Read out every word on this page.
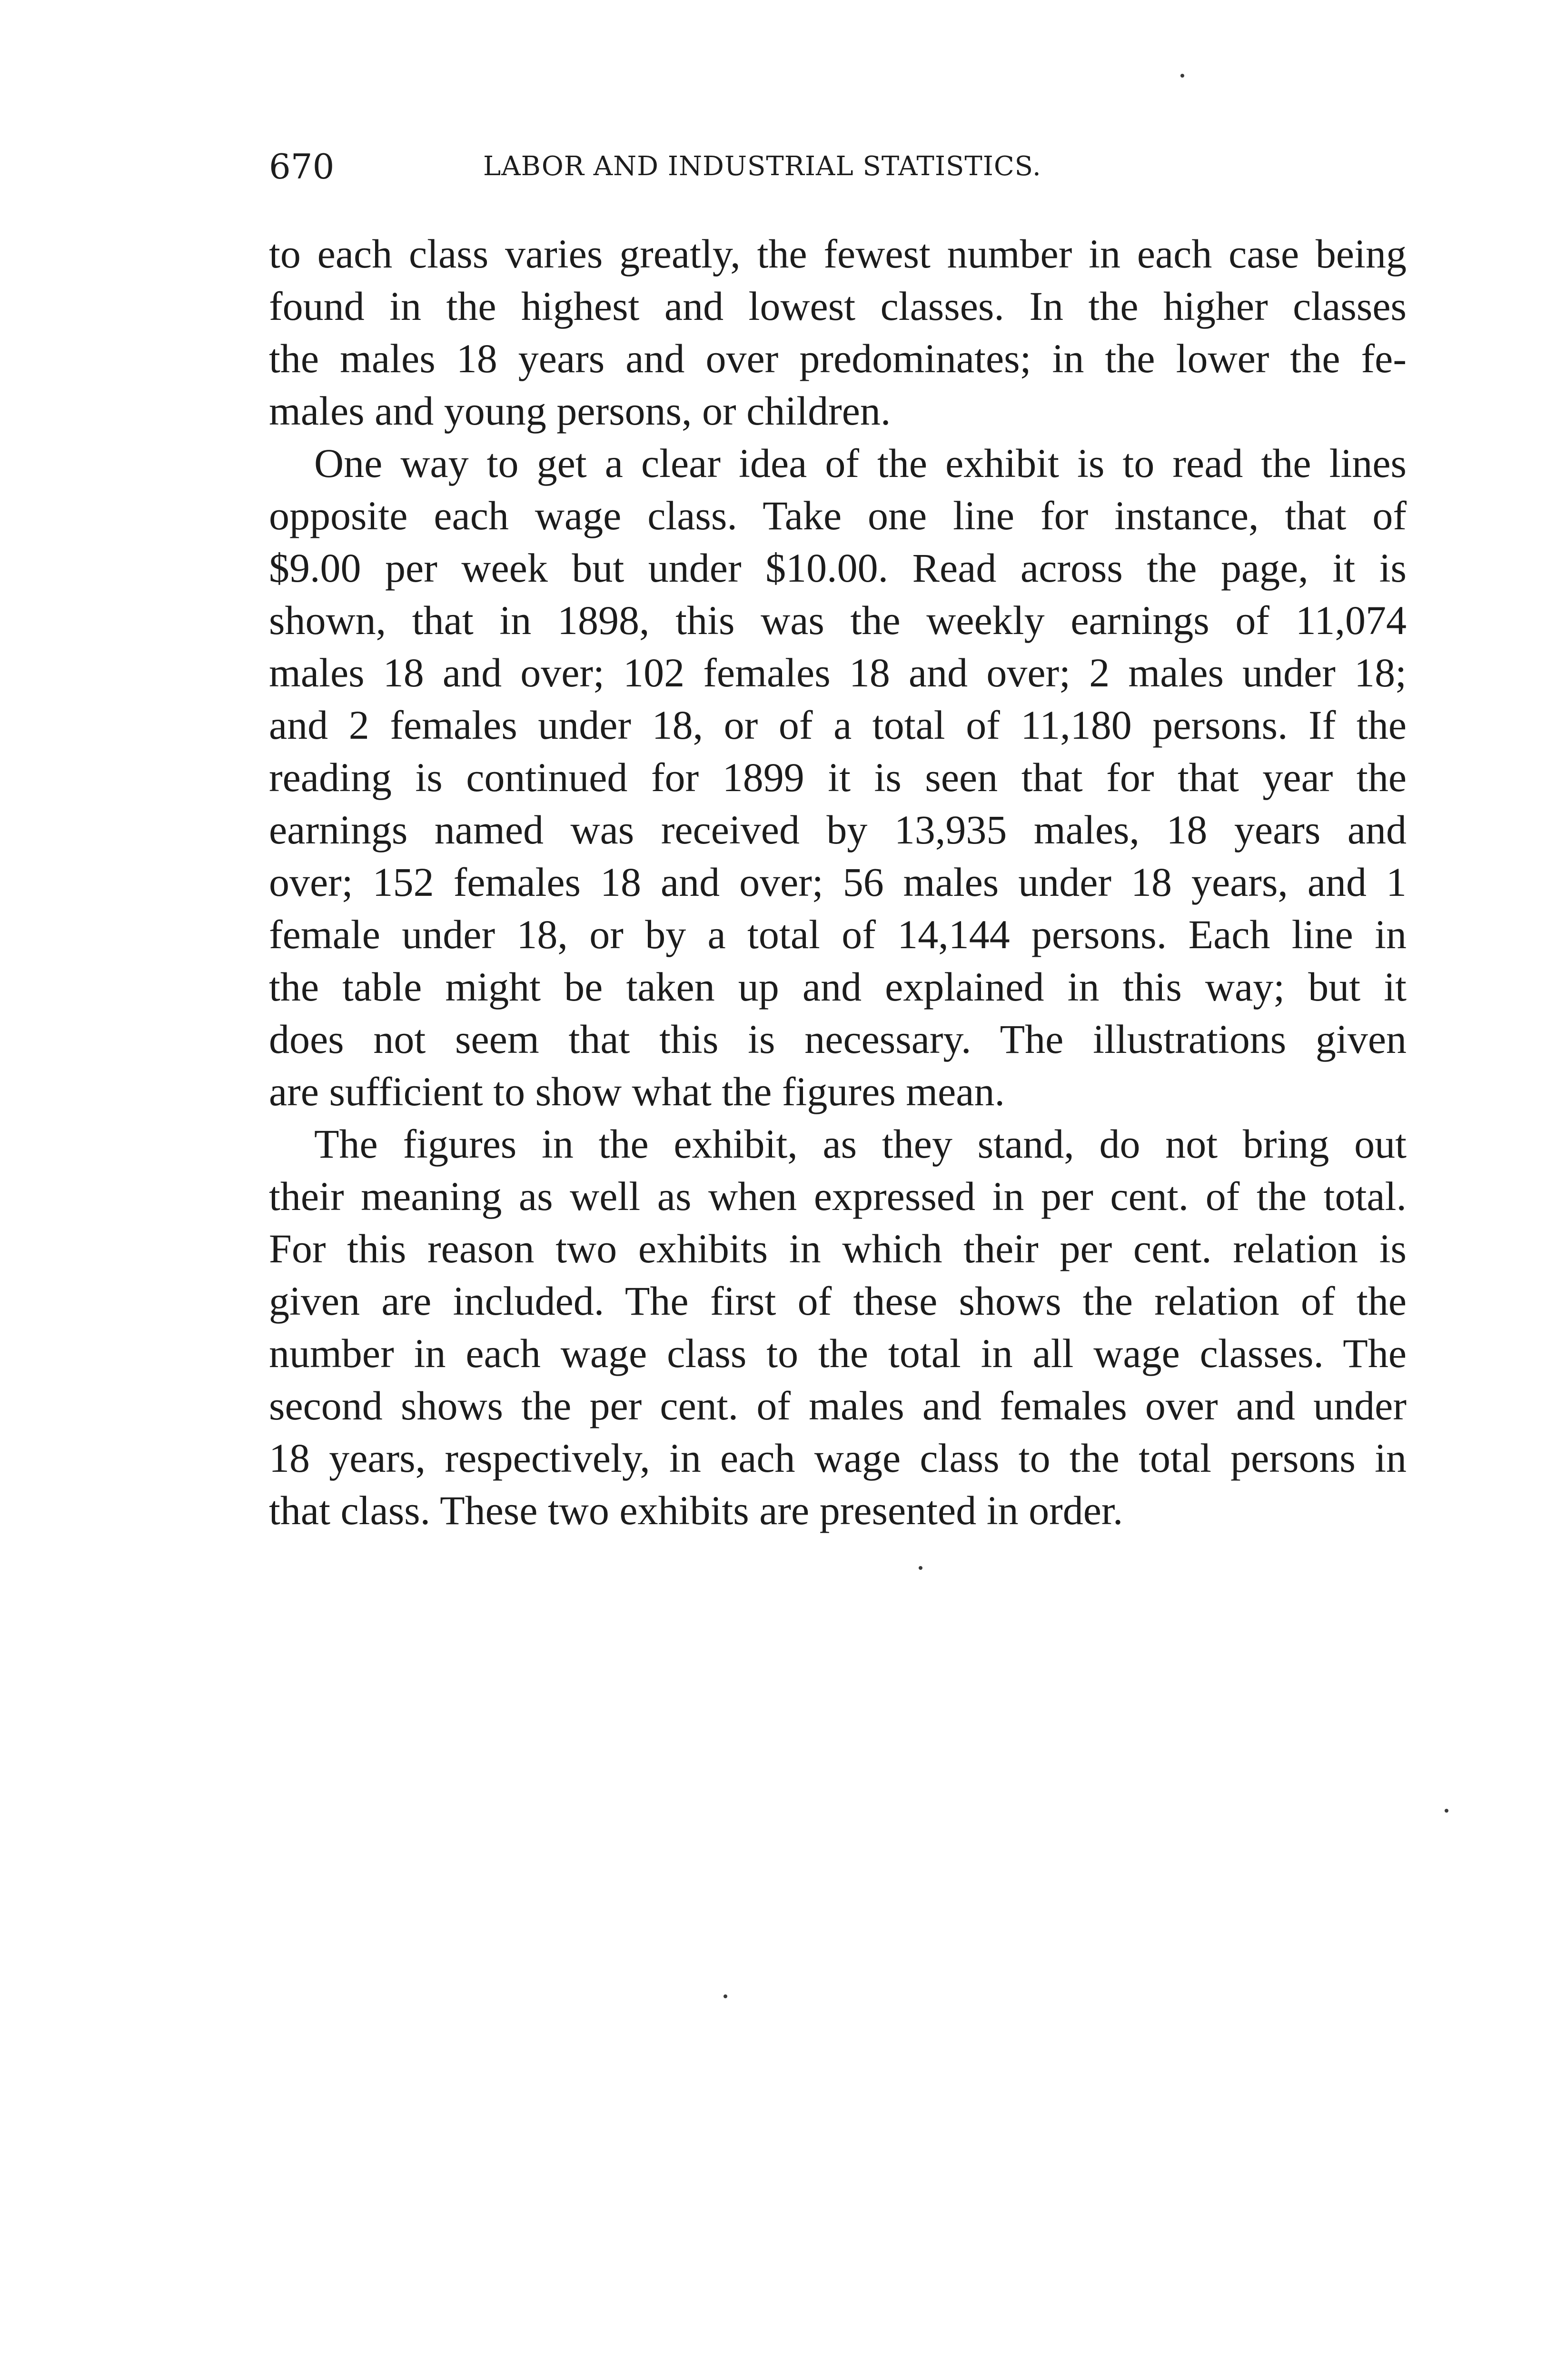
670	LABOR AND INDUSTRIAL STATISTICS.
to each class varies greatly, the fewest number in each case being
found in the highest and lowest classes. In the higher classes
the males 18 years and over predominates; in the lower the fe-
males and young persons, or children.
One way to get a clear idea of the exhibit is to read the lines
opposite each wage class. Take one line for instance, that of
$9.00 per week but under $10.00. Read across the page, it is
shown, that in 1898, this was the weekly earnings of 11,074
males 18 and over; 102 females 18 and over; 2 males under 18;
and 2 females under 18, or of a total of 11,180 persons. If the
reading is continued for 1899 it is seen that for that year the
earnings named was received by 13,935 males, 18 years and
over; 152 females 18 and over; 56 males under 18 years, and 1
female under 18, or by a total of 14,144 persons. Each line in
the table might be taken up and explained in this way; but it
does not seem that this is necessary. The illustrations given
are sufficient to show what the figures mean.
The figures in the exhibit, as they stand, do not bring out
their meaning as well as when expressed in per cent. of the total.
For this reason two exhibits in which their per cent. relation is
given are included. The first of these shows the relation of the
number in each wage class to the total in all wage classes. The
second shows the per cent. of males and females over and under
18 years, respectively, in each wage class to the total persons in
that class. These two exhibits are presented in order.
